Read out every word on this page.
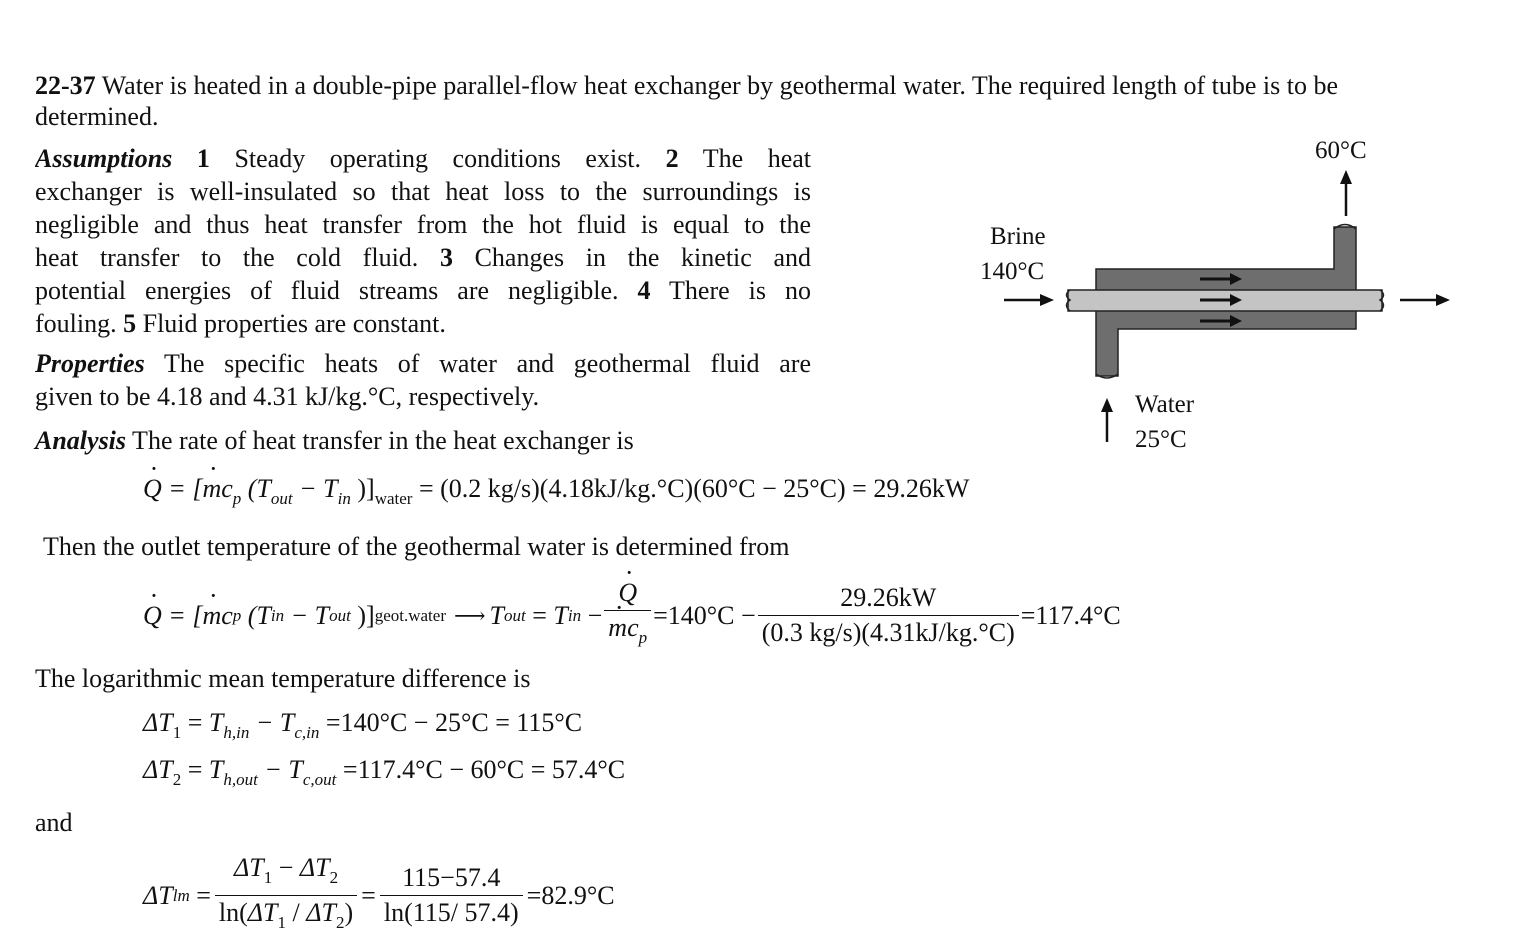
22-37 Water is heated in a double-pipe parallel-flow heat exchanger by geothermal water. The required length of tube is to be
determined.
Assumptions 1 Steady operating conditions exist. 2 The heat
exchanger is well-insulated so that heat loss to the surroundings is
negligible and thus heat transfer from the hot fluid is equal to the
heat transfer to the cold fluid. 3 Changes in the kinetic and
potential energies of fluid streams are negligible. 4 There is no
fouling. 5 Fluid properties are constant.
Properties The specific heats of water and geothermal fluid are
given to be 4.18 and 4.31 kJ/kg.°C, respectively.
Analysis The rate of heat transfer in the heat exchanger is
Q · = [$m \cdot c_p$ ($T_{out} - T_{in}$ )]$_{water} = (0.2$ kg/s)(4.18kJ/kg.°C)(60°C − 25°C) = 29.26kW
Then the outlet temperature of the geothermal water is determined from
Q · = [m ·c p
(T in
− T out )] geot.water ⟶ T out = T in − $\frac{Q \cdot}{m \cdot c_p} =140^\circ C - \frac{29.26kW}{(0.3 kg/s)(4.31kJ/kg.^\circ C)} =117.4^\circ C$
The logarithmic mean temperature difference is
$\Delta T_1 = T_{h,in} - T_{c,in} =140^\circ C - 25^\circ C = 115^\circ C$
$\Delta T_2 = T_{h,out} - T_{c,out} =117.4^\circ C - 60^\circ C = 57.4^\circ C$
and
ΔT lm = $\frac{\Delta T_1 - \Delta T_2}{\ln(\Delta T_1 / \Delta T_2)} = \frac{115-57.4}{\ln(115/ 57.4)} =82.9^\circ C$
Brine
140°C
60°C
Water
25°C
